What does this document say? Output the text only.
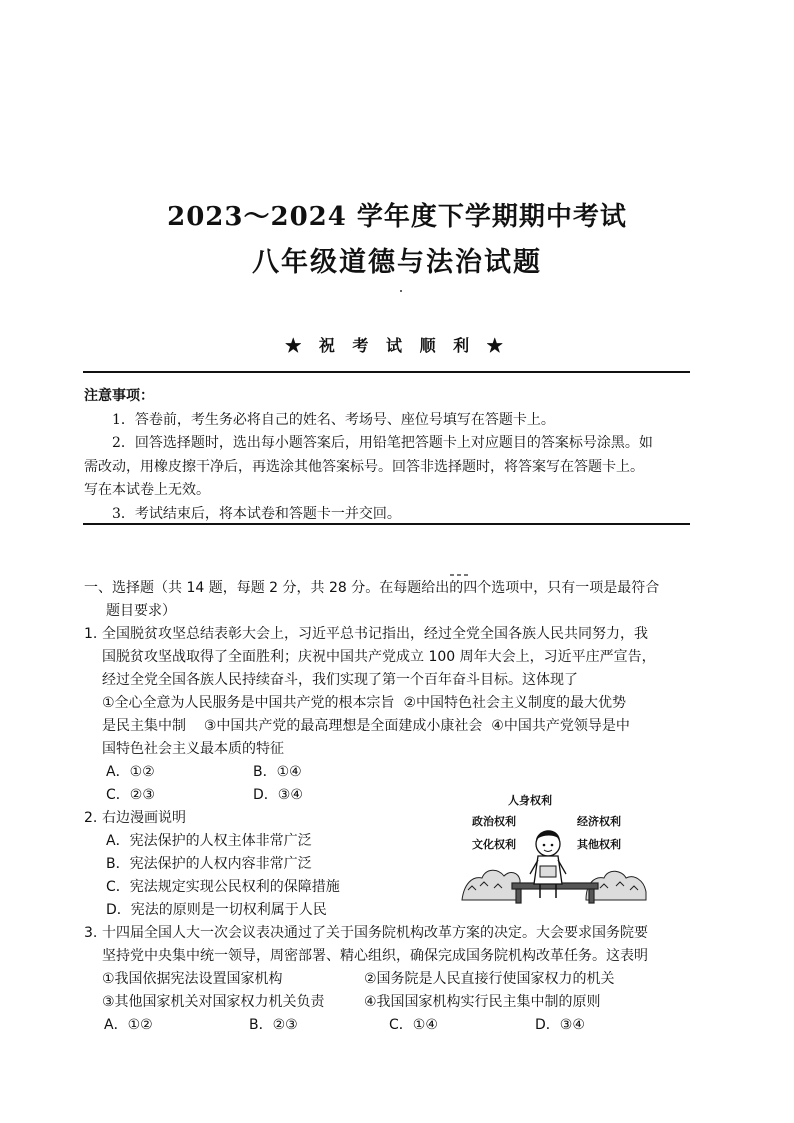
2023～2024 学年度下学期期中考试
八年级道德与法治试题
★ 祝 考 试 顺 利 ★
注意事项：

1．答卷前，考生务必将自己的姓名、考场号、座位号填写在答题卡上。

2．回答选择题时，选出每小题答案后，用铅笔把答题卡上对应题目的答案标号涂黑。如

需改动，用橡皮擦干净后，再选涂其他答案标号。回答非选择题时，将答案写在答题卡上。
写在本试卷上无效。

3．考试结束后，将本试卷和答题卡一并交回。

一、选择题（共 14 题，每题 2 分，共 28 分。在每题给出的四个选项中，只有一项是最符合
题目要求）
1. 全国脱贫攻坚总结表彰大会上，习近平总书记指出，经过全党全国各族人民共同努力，我
国脱贫攻坚战取得了全面胜利；庆祝中国共产党成立 100 周年大会上，习近平庄严宣告，
经过全党全国各族人民持续奋斗，我们实现了第一个百年奋斗目标。这体现了
①全心全意为人民服务是中国共产党的根本宗旨 ②中国特色社会主义制度的最大优势
是民主集中制 ③中国共产党的最高理想是全面建成小康社会 ④中国共产党领导是中
国特色社会主义最本质的特征
A．①②	B．①④
C．②③	D．③④
2. 右边漫画说明
A．宪法保护的人权主体非常广泛
B．宪法保护的人权内容非常广泛
C．宪法规定实现公民权利的保障措施
D．宪法的原则是一切权利属于人民
3. 十四届全国人大一次会议表决通过了关于国务院机构改革方案的决定。大会要求国务院要
坚持党中央集中统一领导，周密部署、精心组织，确保完成国务院机构改革任务。这表明
①我国依据宪法设置国家机构	②国务院是人民直接行使国家权力的机关
③其他国家机关对国家权力机关负责	④我国国家机构实行民主集中制的原则
A．①②	B．②③	C．①④	D．③④
人身权利
政治权利	经济权利
文化权利	其他权利
